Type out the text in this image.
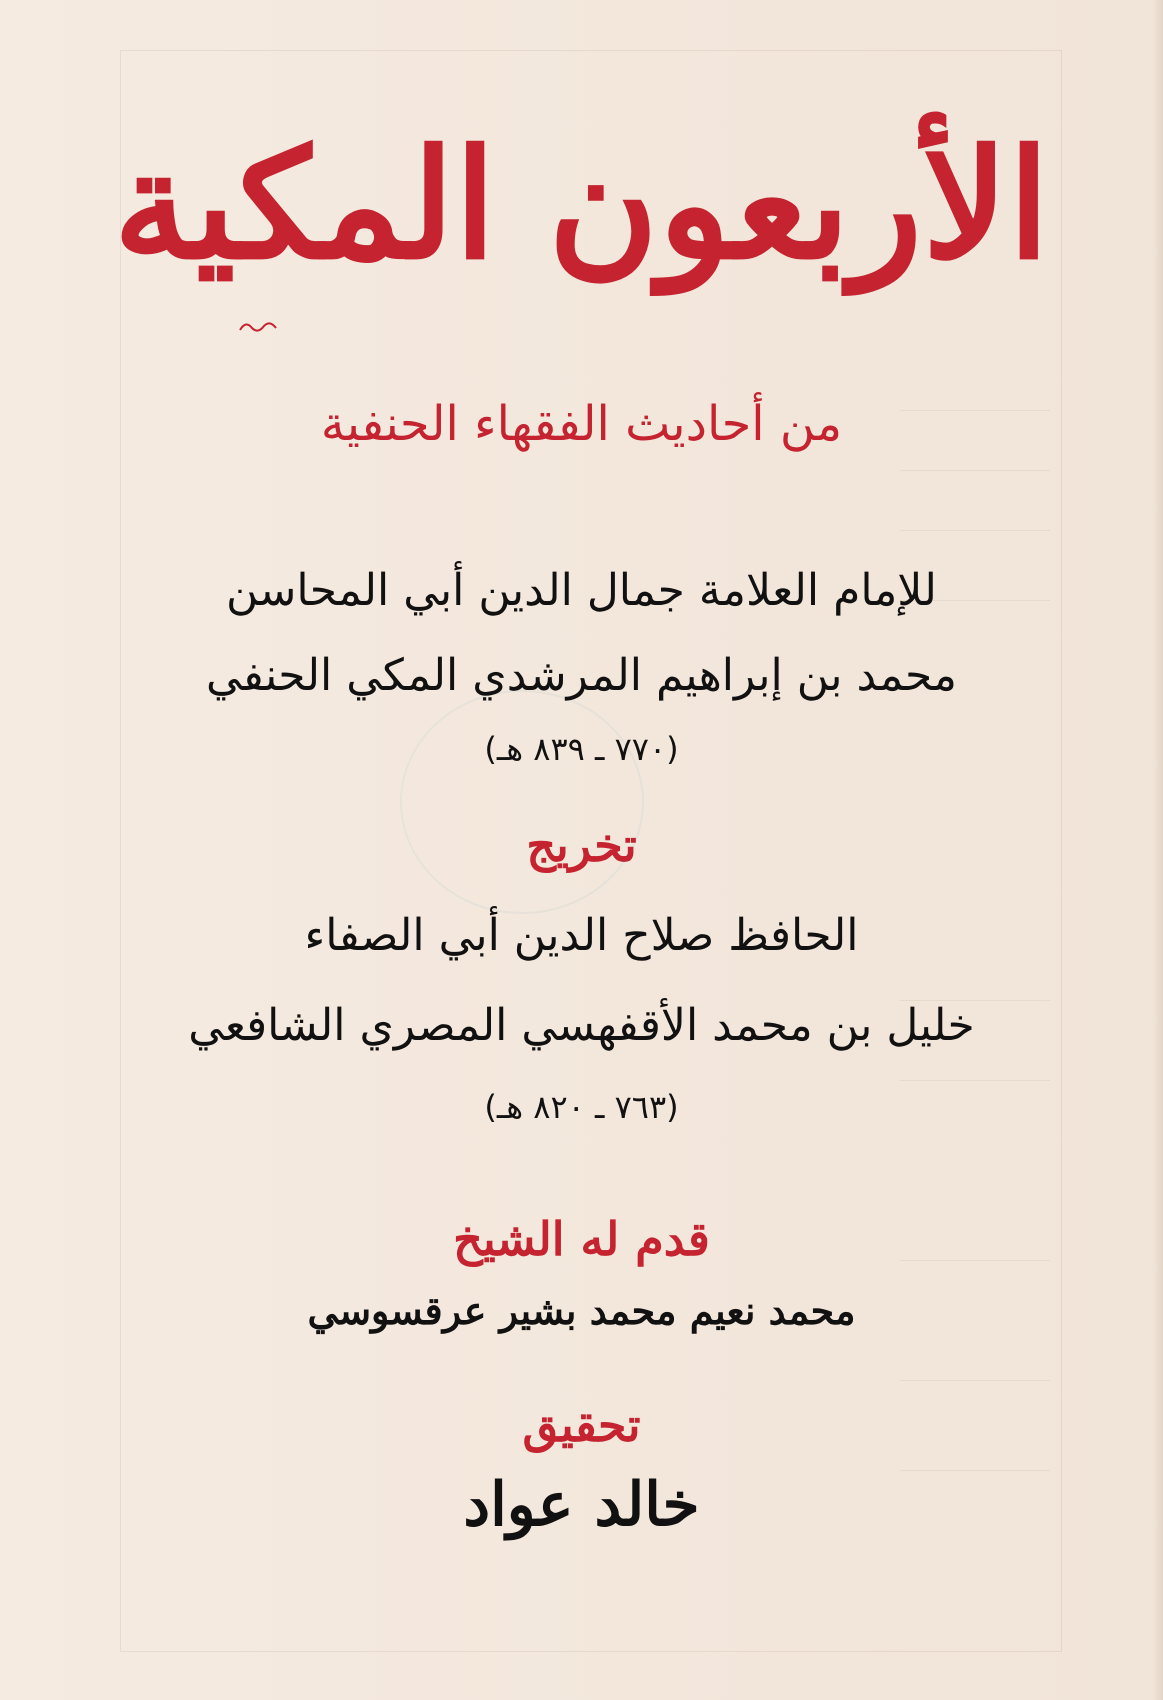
الأربعون المكية
من أحاديث الفقهاء الحنفية
للإمام العلامة جمال الدين أبي المحاسن
محمد بن إبراهيم المرشدي المكي الحنفي
(٧٧٠ ـ ٨٣٩ هـ)
تخريج
الحافظ صلاح الدين أبي الصفاء
خليل بن محمد الأقفهسي المصري الشافعي
(٧٦٣ ـ ٨٢٠ هـ)
قدم له الشيخ
محمد نعيم محمد بشير عرقسوسي
تحقيق
خالد عواد
